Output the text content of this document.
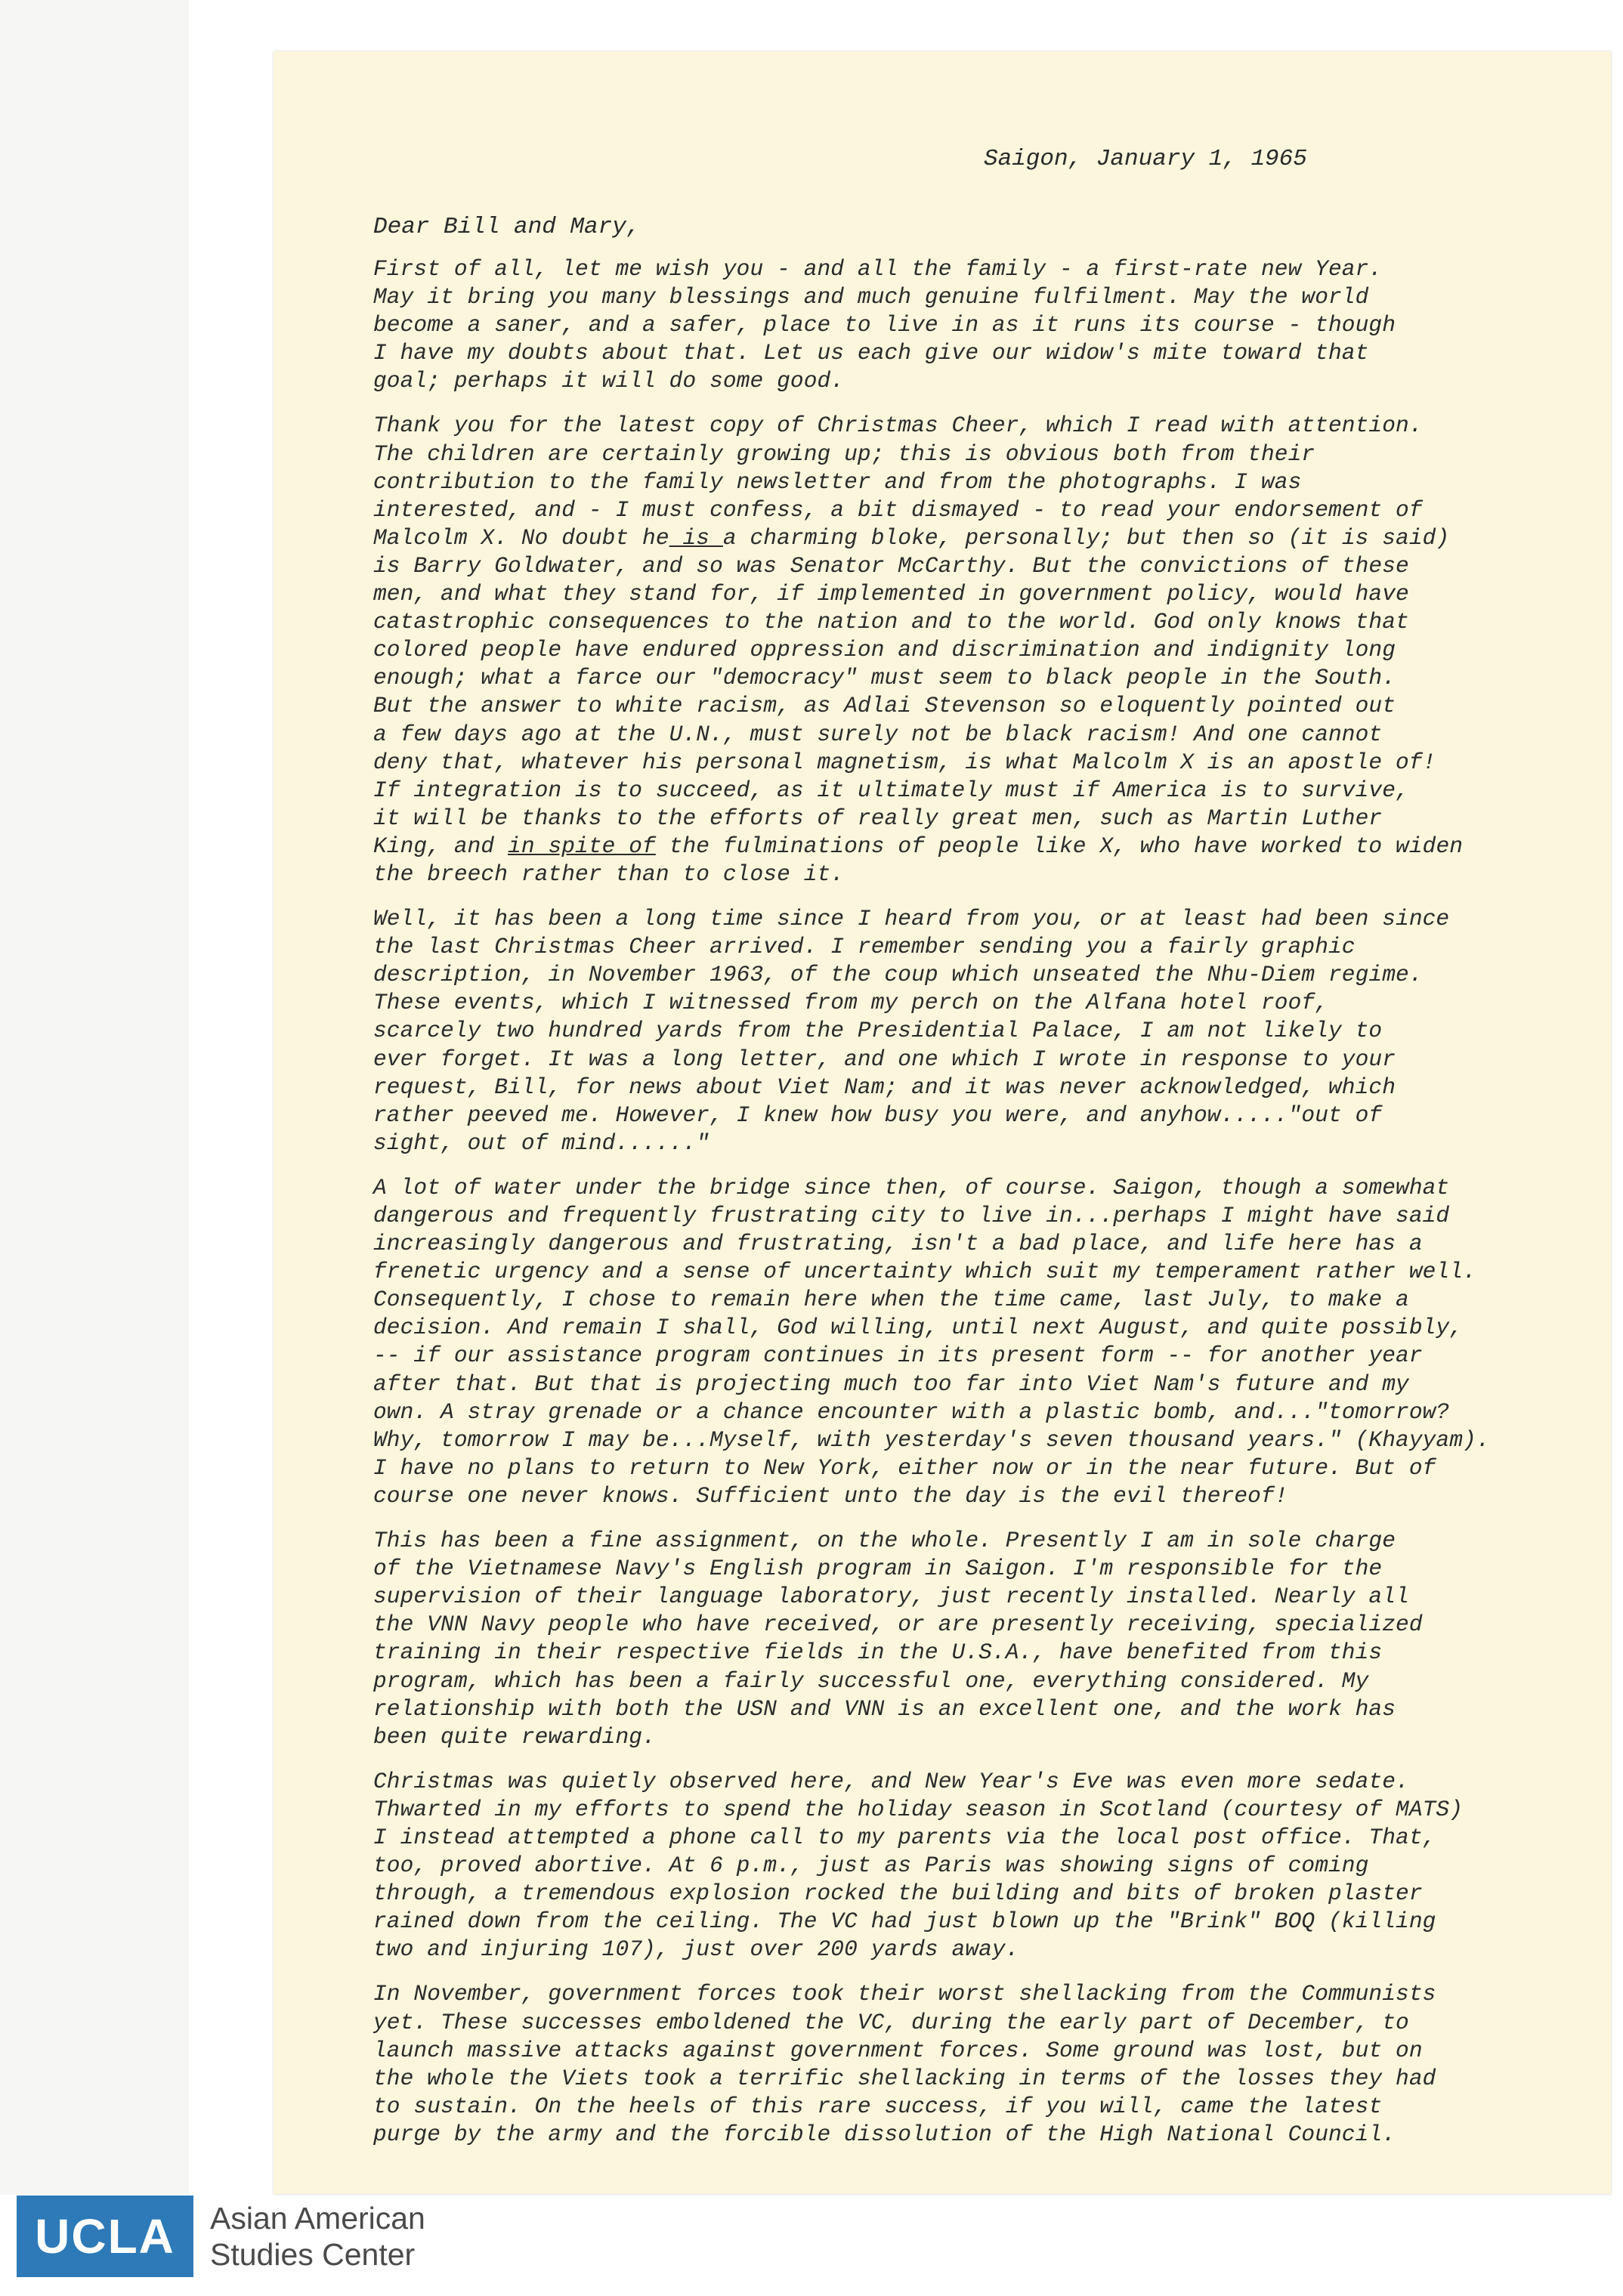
Saigon, January 1, 1965
Dear Bill and Mary,

First of all, let me wish you - and all the family - a first-rate new Year.
May it bring you many blessings and much genuine fulfilment. May the world
become a saner, and a safer, place to live in as it runs its course - though
I have my doubts about that. Let us each give our widow's mite toward that
goal; perhaps it will do some good.

Thank you for the latest copy of Christmas Cheer, which I read with attention.
The children are certainly growing up; this is obvious both from their
contribution to the family newsletter and from the photographs. I was
interested, and - I must confess, a bit dismayed - to read your endorsement of
Malcolm X. No doubt he is a charming bloke, personally; but then so (it is said)
is Barry Goldwater, and so was Senator McCarthy. But the convictions of these
men, and what they stand for, if implemented in government policy, would have
catastrophic consequences to the nation and to the world. God only knows that
colored people have endured oppression and discrimination and indignity long
enough; what a farce our "democracy" must seem to black people in the South.
But the answer to white racism, as Adlai Stevenson so eloquently pointed out
a few days ago at the U.N., must surely not be black racism! And one cannot
deny that, whatever his personal magnetism, is what Malcolm X is an apostle of!
If integration is to succeed, as it ultimately must if America is to survive,
it will be thanks to the efforts of really great men, such as Martin Luther
King, and in spite of the fulminations of people like X, who have worked to widen
the breech rather than to close it.

Well, it has been a long time since I heard from you, or at least had been since
the last Christmas Cheer arrived. I remember sending you a fairly graphic
description, in November 1963, of the coup which unseated the Nhu-Diem regime.
These events, which I witnessed from my perch on the Alfana hotel roof,
scarcely two hundred yards from the Presidential Palace, I am not likely to
ever forget. It was a long letter, and one which I wrote in response to your
request, Bill, for news about Viet Nam; and it was never acknowledged, which
rather peeved me. However, I knew how busy you were, and anyhow....."out of
sight, out of mind......"

A lot of water under the bridge since then, of course. Saigon, though a somewhat
dangerous and frequently frustrating city to live in...perhaps I might have said
increasingly dangerous and frustrating, isn't a bad place, and life here has a
frenetic urgency and a sense of uncertainty which suit my temperament rather well.
Consequently, I chose to remain here when the time came, last July, to make a
decision. And remain I shall, God willing, until next August, and quite possibly,
-- if our assistance program continues in its present form -- for another year
after that. But that is projecting much too far into Viet Nam's future and my
own. A stray grenade or a chance encounter with a plastic bomb, and..."tomorrow?
Why, tomorrow I may be...Myself, with yesterday's seven thousand years." (Khayyam).
I have no plans to return to New York, either now or in the near future. But of
course one never knows. Sufficient unto the day is the evil thereof!

This has been a fine assignment, on the whole. Presently I am in sole charge
of the Vietnamese Navy's English program in Saigon. I'm responsible for the
supervision of their language laboratory, just recently installed. Nearly all
the VNN Navy people who have received, or are presently receiving, specialized
training in their respective fields in the U.S.A., have benefited from this
program, which has been a fairly successful one, everything considered. My
relationship with both the USN and VNN is an excellent one, and the work has
been quite rewarding.

Christmas was quietly observed here, and New Year's Eve was even more sedate.
Thwarted in my efforts to spend the holiday season in Scotland (courtesy of MATS)
I instead attempted a phone call to my parents via the local post office. That,
too, proved abortive. At 6 p.m., just as Paris was showing signs of coming
through, a tremendous explosion rocked the building and bits of broken plaster
rained down from the ceiling. The VC had just blown up the "Brink" BOQ (killing
two and injuring 107), just over 200 yards away.

In November, government forces took their worst shellacking from the Communists
yet. These successes emboldened the VC, during the early part of December, to
launch massive attacks against government forces. Some ground was lost, but on
the whole the Viets took a terrific shellacking in terms of the losses they had
to sustain. On the heels of this rare success, if you will, came the latest
purge by the army and the forcible dissolution of the High National Council.

UCLA	Asian American
Studies Center
